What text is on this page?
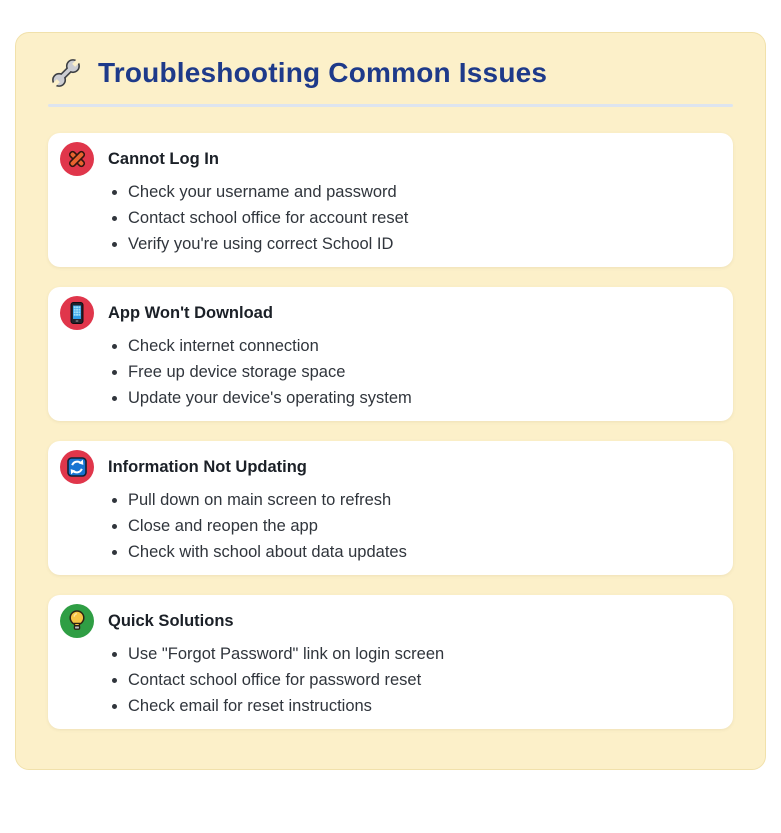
Troubleshooting Common Issues
Cannot Log In
• Check your username and password
• Contact school office for account reset
• Verify you're using correct School ID
App Won't Download
• Check internet connection
• Free up device storage space
• Update your device's operating system
Information Not Updating
• Pull down on main screen to refresh
• Close and reopen the app
• Check with school about data updates
Quick Solutions
• Use "Forgot Password" link on login screen
• Contact school office for password reset
• Check email for reset instructions
